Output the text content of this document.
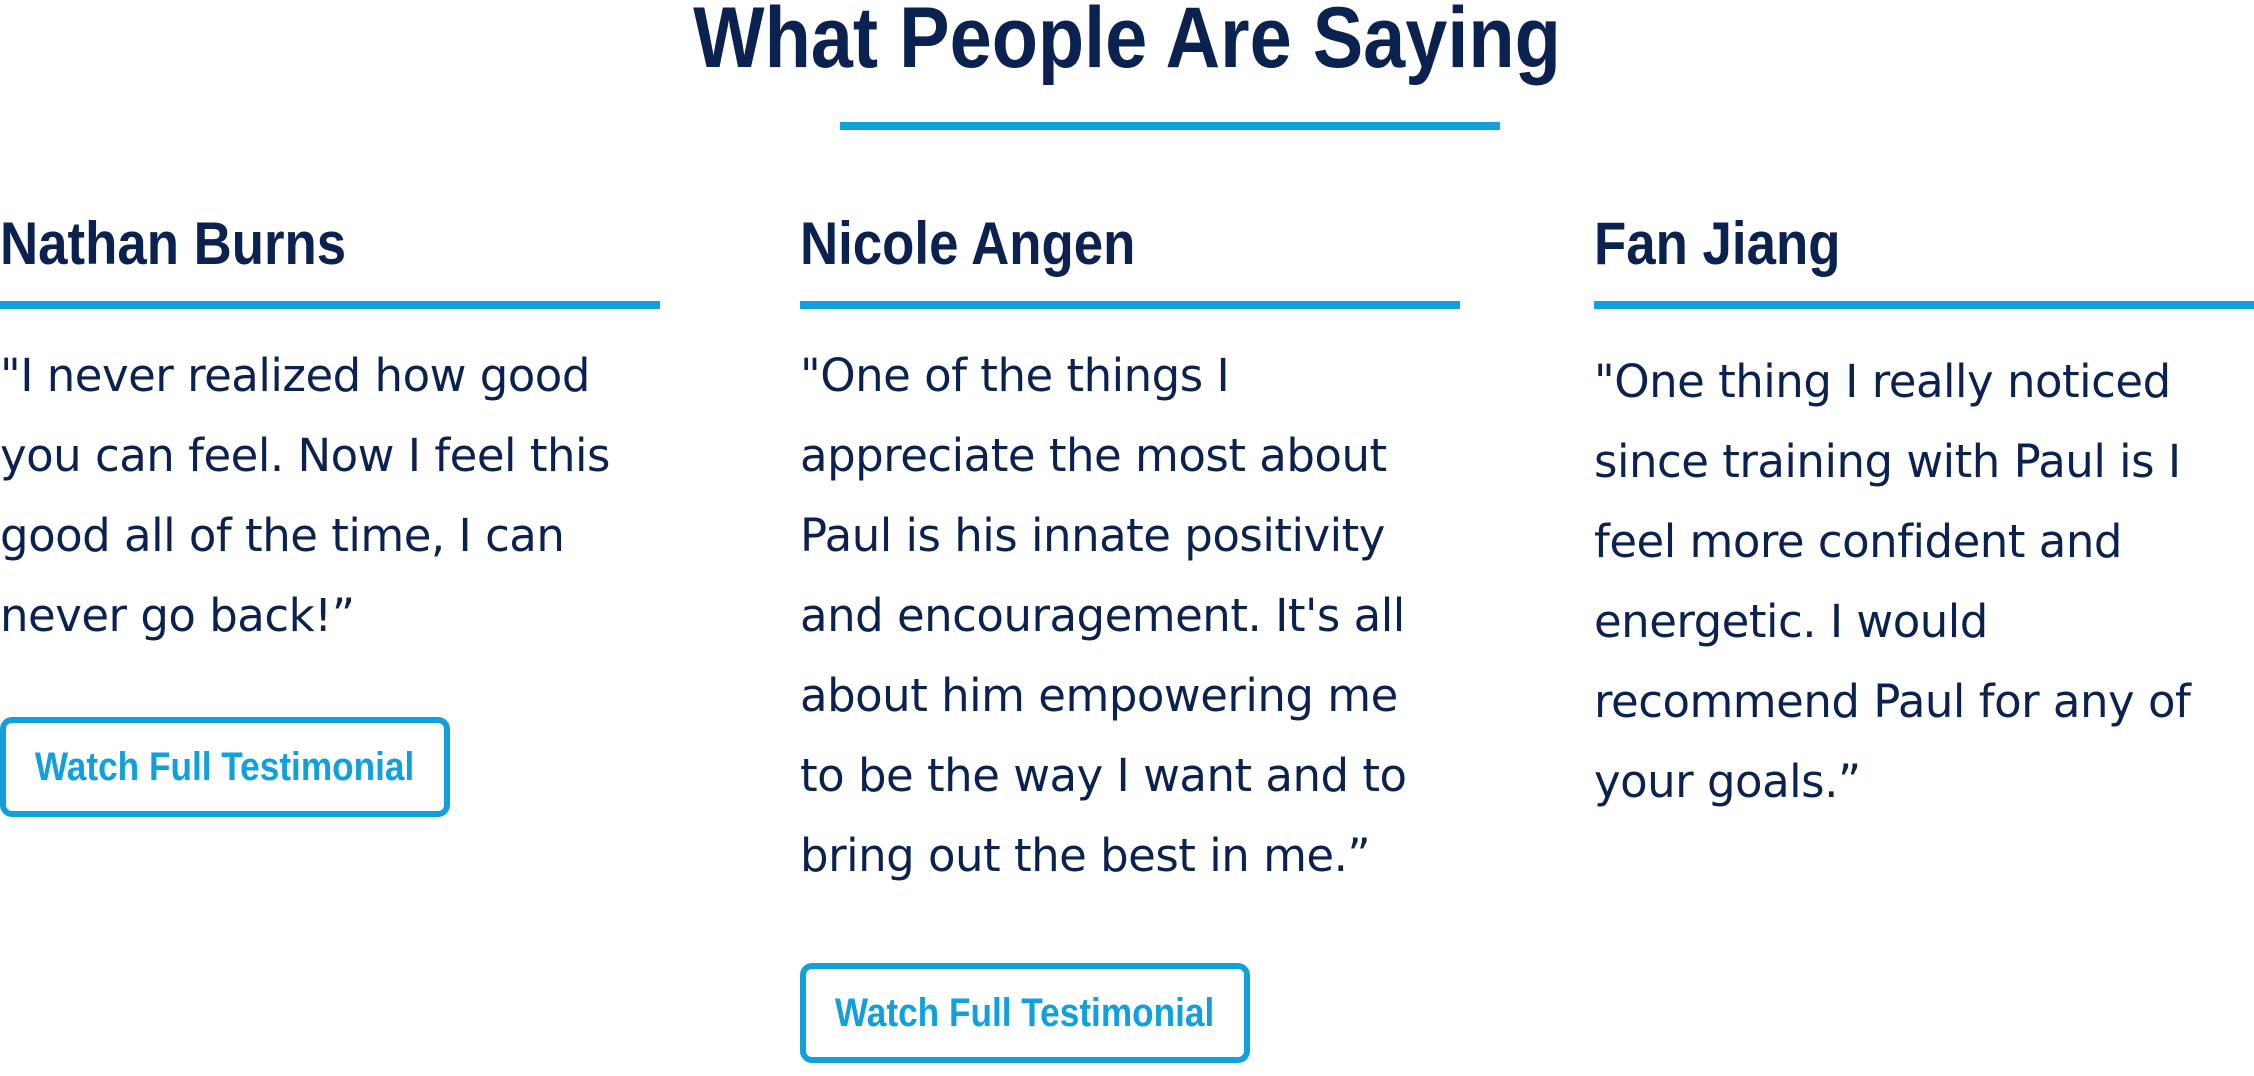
What People Are Saying
Nathan Burns

"I never realized how good
you can feel. Now I feel this
good all of the time, I can
never go back!”

Watch Full Testimonial
Nicole Angen

"One of the things I
appreciate the most about
Paul is his innate positivity
and encouragement. It's all
about him empowering me
to be the way I want and to
bring out the best in me.”

Watch Full Testimonial
Fan Jiang

"One thing I really noticed
since training with Paul is I
feel more confident and
energetic. I would
recommend Paul for any of
your goals.”
